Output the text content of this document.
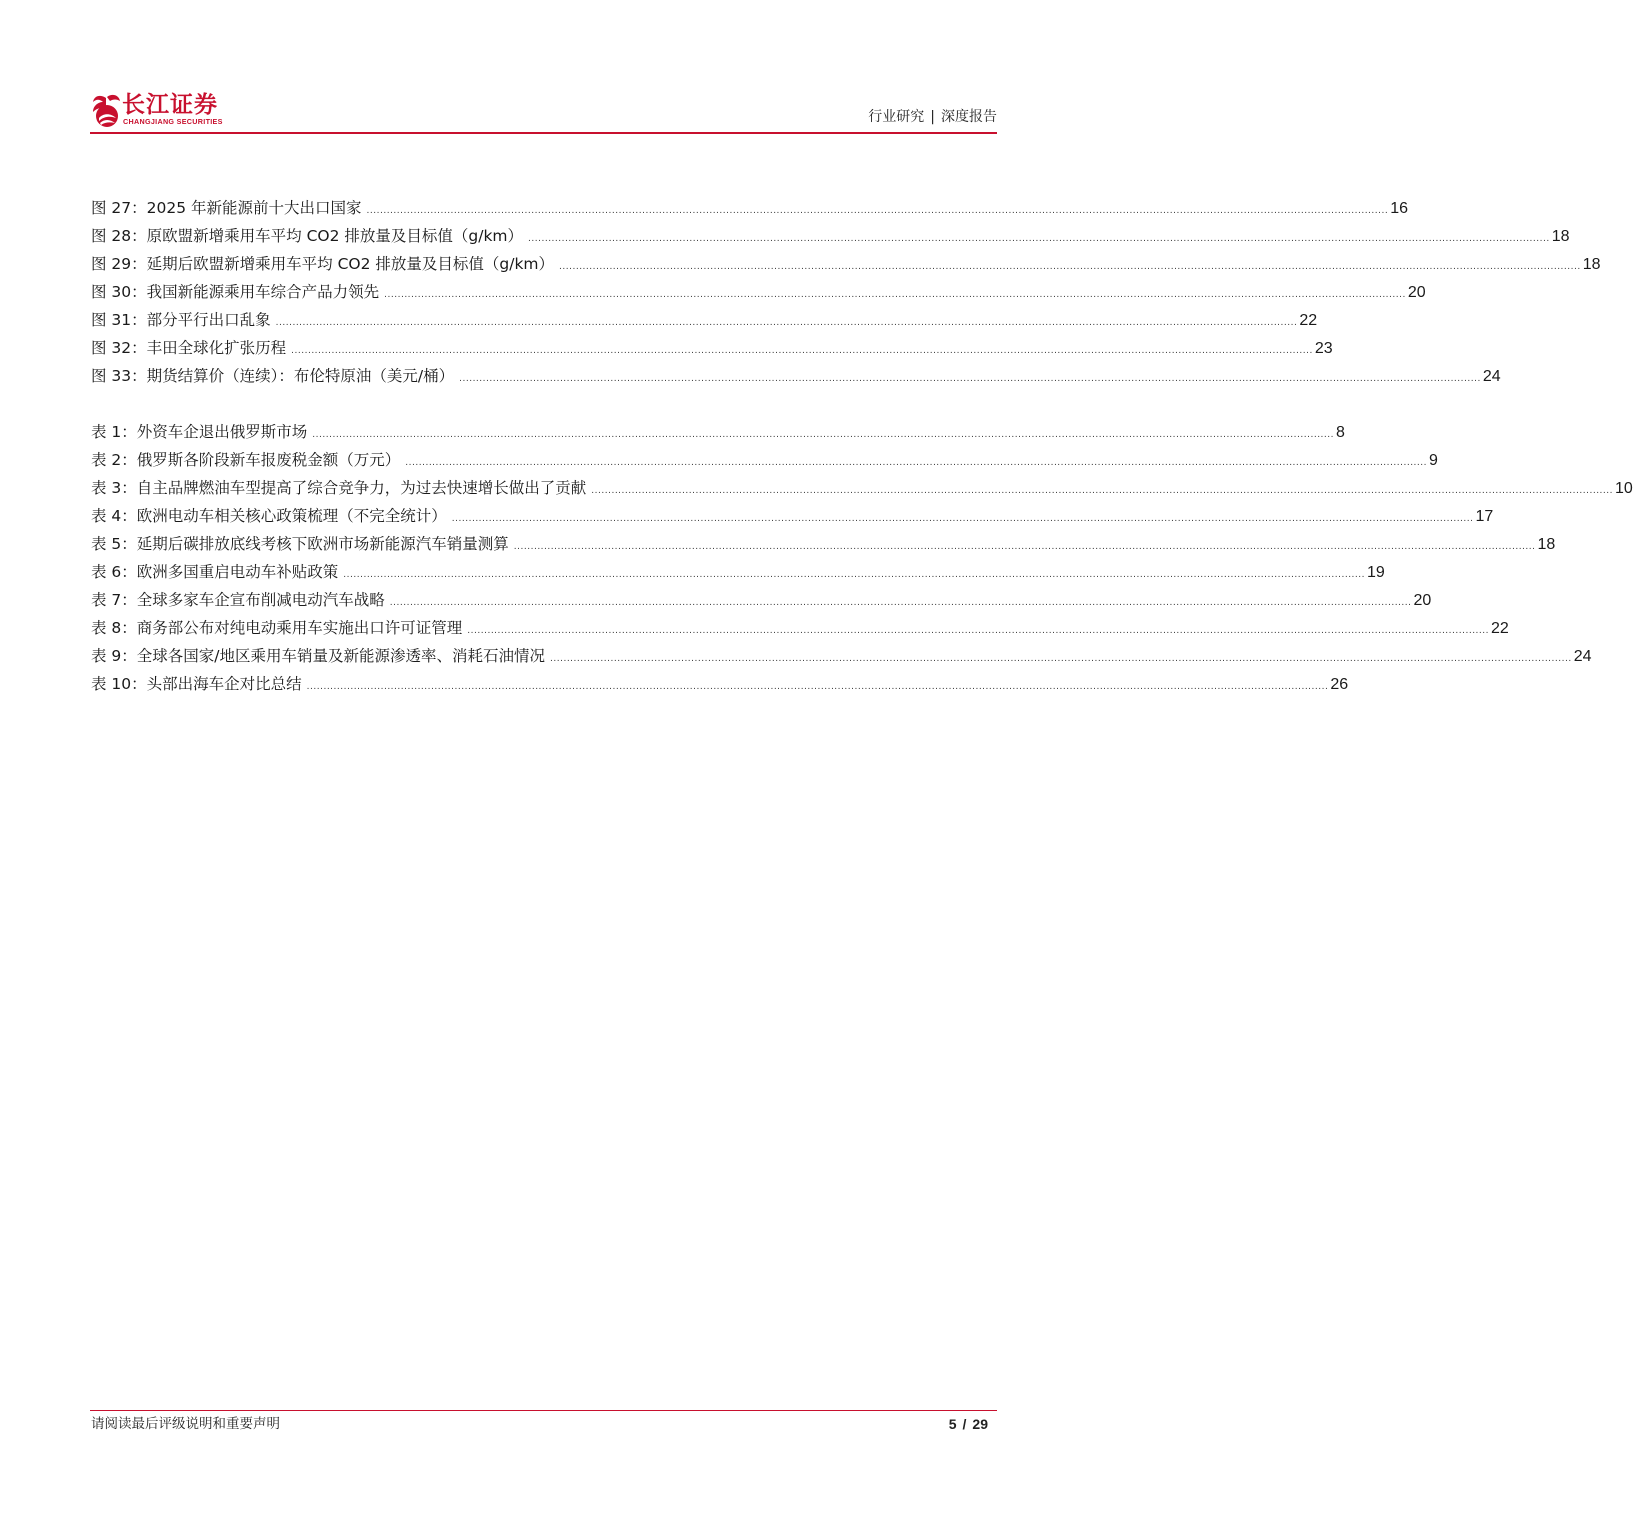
长江证券
CHANGJIANG SECURITIES	行业研究 | 深度报告
图 27：2025 年新能源前十大出口国家 ................................................................................................................................................................................................................................................................................................................ 16
图 28：原欧盟新增乘用车平均 CO2 排放量及目标值（g/km） ................................................................................................................................................................................................................................................................................................................ 18
图 29：延期后欧盟新增乘用车平均 CO2 排放量及目标值（g/km） ................................................................................................................................................................................................................................................................................................................ 18
图 30：我国新能源乘用车综合产品力领先 ................................................................................................................................................................................................................................................................................................................ 20
图 31：部分平行出口乱象 ................................................................................................................................................................................................................................................................................................................ 22
图 32：丰田全球化扩张历程 ................................................................................................................................................................................................................................................................................................................ 23
图 33：期货结算价（连续）：布伦特原油（美元/桶） ................................................................................................................................................................................................................................................................................................................ 24
表 1：外资车企退出俄罗斯市场 ................................................................................................................................................................................................................................................................................................................ 8
表 2：俄罗斯各阶段新车报废税金额（万元） ................................................................................................................................................................................................................................................................................................................ 9
表 3：自主品牌燃油车型提高了综合竞争力，为过去快速增长做出了贡献 ................................................................................................................................................................................................................................................................................................................ 10
表 4：欧洲电动车相关核心政策梳理（不完全统计） ................................................................................................................................................................................................................................................................................................................ 17
表 5：延期后碳排放底线考核下欧洲市场新能源汽车销量测算 ................................................................................................................................................................................................................................................................................................................ 18
表 6：欧洲多国重启电动车补贴政策 ................................................................................................................................................................................................................................................................................................................ 19
表 7：全球多家车企宣布削减电动汽车战略 ................................................................................................................................................................................................................................................................................................................ 20
表 8：商务部公布对纯电动乘用车实施出口许可证管理 ................................................................................................................................................................................................................................................................................................................ 22
表 9：全球各国家/地区乘用车销量及新能源渗透率、消耗石油情况 ................................................................................................................................................................................................................................................................................................................ 24
表 10：头部出海车企对比总结 ................................................................................................................................................................................................................................................................................................................ 26
请阅读最后评级说明和重要声明	5 / 29
